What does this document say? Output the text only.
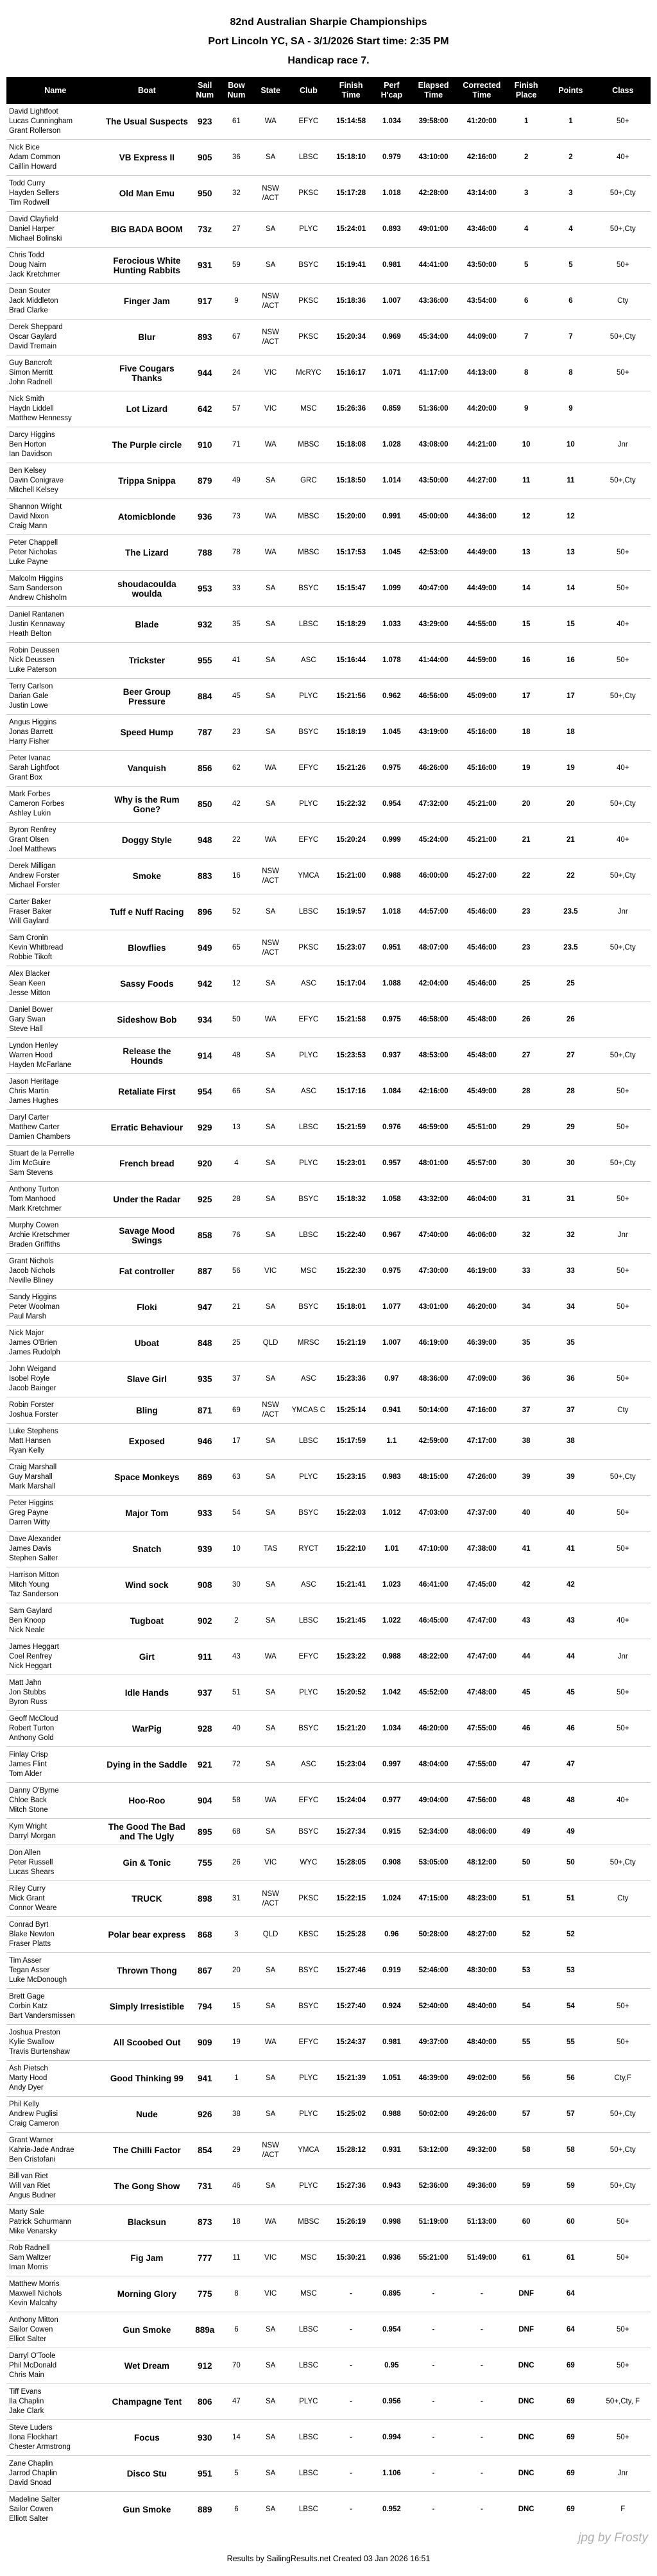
82nd Australian Sharpie Championships
Port Lincoln YC, SA - 3/1/2026 Start time: 2:35 PM
Handicap race 7.
Name	Boat	Sail Num	Bow Num	State	Club	Finish Time	Perf H'cap	Elapsed Time	Corrected Time	Finish Place	Points	Class

David Lightfoot
Lucas Cunningham
Grant Rollerson	The Usual Suspects	923	61	WA	EFYC	15:14:58	1.034	39:58:00	41:20:00	1	1	50+

Nick Bice
Adam Common
Caillin Howard	VB Express II	905	36	SA	LBSC	15:18:10	0.979	43:10:00	42:16:00	2	2	40+

Todd Curry
Hayden Sellers
Tim Rodwell	Old Man Emu	950	32	NSW /ACT	PKSC	15:17:28	1.018	42:28:00	43:14:00	3	3	50+,Cty

David Clayfield
Daniel Harper
Michael Bolinski	BIG BADA BOOM	73z	27	SA	PLYC	15:24:01	0.893	49:01:00	43:46:00	4	4	50+,Cty

Chris Todd
Doug Nairn
Jack Kretchmer	Ferocious White Hunting Rabbits	931	59	SA	BSYC	15:19:41	0.981	44:41:00	43:50:00	5	5	50+

Dean Souter
Jack Middleton
Brad Clarke	Finger Jam	917	9	NSW /ACT	PKSC	15:18:36	1.007	43:36:00	43:54:00	6	6	Cty

Derek Sheppard
Oscar Gaylard
David Tremain	Blur	893	67	NSW /ACT	PKSC	15:20:34	0.969	45:34:00	44:09:00	7	7	50+,Cty

Guy Bancroft
Simon Merritt
John Radnell	Five Cougars Thanks	944	24	VIC	McRYC	15:16:17	1.071	41:17:00	44:13:00	8	8	50+

Nick Smith
Haydn Liddell
Matthew Hennessy	Lot Lizard	642	57	VIC	MSC	15:26:36	0.859	51:36:00	44:20:00	9	9	

Darcy Higgins
Ben Horton
Ian Davidson	The Purple circle	910	71	WA	MBSC	15:18:08	1.028	43:08:00	44:21:00	10	10	Jnr

Ben Kelsey
Davin Conigrave
Mitchell Kelsey	Trippa Snippa	879	49	SA	GRC	15:18:50	1.014	43:50:00	44:27:00	11	11	50+,Cty

Shannon Wright
David Nixon
Craig Mann	Atomicblonde	936	73	WA	MBSC	15:20:00	0.991	45:00:00	44:36:00	12	12	

Peter Chappell
Peter Nicholas
Luke Payne	The Lizard	788	78	WA	MBSC	15:17:53	1.045	42:53:00	44:49:00	13	13	50+

Malcolm Higgins
Sam Sanderson
Andrew Chisholm	shoudacoulda woulda	953	33	SA	BSYC	15:15:47	1.099	40:47:00	44:49:00	14	14	50+

Daniel Rantanen
Justin Kennaway
Heath Belton	Blade	932	35	SA	LBSC	15:18:29	1.033	43:29:00	44:55:00	15	15	40+

Robin Deussen
Nick Deussen
Luke Paterson	Trickster	955	41	SA	ASC	15:16:44	1.078	41:44:00	44:59:00	16	16	50+

Terry Carlson
Darian Gale
Justin Lowe	Beer Group Pressure	884	45	SA	PLYC	15:21:56	0.962	46:56:00	45:09:00	17	17	50+,Cty

Angus Higgins
Jonas Barrett
Harry Fisher	Speed Hump	787	23	SA	BSYC	15:18:19	1.045	43:19:00	45:16:00	18	18	

Peter Ivanac
Sarah Lightfoot
Grant Box	Vanquish	856	62	WA	EFYC	15:21:26	0.975	46:26:00	45:16:00	19	19	40+

Mark Forbes
Cameron Forbes
Ashley Lukin	Why is the Rum Gone?	850	42	SA	PLYC	15:22:32	0.954	47:32:00	45:21:00	20	20	50+,Cty

Byron Renfrey
Grant Olsen
Joel Matthews	Doggy Style	948	22	WA	EFYC	15:20:24	0.999	45:24:00	45:21:00	21	21	40+

Derek Milligan
Andrew Forster
Michael Forster	Smoke	883	16	NSW /ACT	YMCA	15:21:00	0.988	46:00:00	45:27:00	22	22	50+,Cty

Carter Baker
Fraser Baker
Will Gaylard	Tuff e Nuff Racing	896	52	SA	LBSC	15:19:57	1.018	44:57:00	45:46:00	23	23.5	Jnr

Sam Cronin
Kevin Whitbread
Robbie Tikoft	Blowflies	949	65	NSW /ACT	PKSC	15:23:07	0.951	48:07:00	45:46:00	23	23.5	50+,Cty

Alex Blacker
Sean Keen
Jesse Mitton	Sassy Foods	942	12	SA	ASC	15:17:04	1.088	42:04:00	45:46:00	25	25	

Daniel Bower
Gary Swan
Steve Hall	Sideshow Bob	934	50	WA	EFYC	15:21:58	0.975	46:58:00	45:48:00	26	26	

Lyndon Henley
Warren Hood
Hayden McFarlane	Release the Hounds	914	48	SA	PLYC	15:23:53	0.937	48:53:00	45:48:00	27	27	50+,Cty

Jason Heritage
Chris Martin
James Hughes	Retaliate First	954	66	SA	ASC	15:17:16	1.084	42:16:00	45:49:00	28	28	50+

Daryl Carter
Matthew Carter
Damien Chambers	Erratic Behaviour	929	13	SA	LBSC	15:21:59	0.976	46:59:00	45:51:00	29	29	50+

Stuart de la Perrelle
Jim McGuire
Sam Stevens	French bread	920	4	SA	PLYC	15:23:01	0.957	48:01:00	45:57:00	30	30	50+,Cty

Anthony Turton
Tom Manhood
Mark Kretchmer	Under the Radar	925	28	SA	BSYC	15:18:32	1.058	43:32:00	46:04:00	31	31	50+

Murphy Cowen
Archie Kretschmer
Braden Griffiths	Savage Mood Swings	858	76	SA	LBSC	15:22:40	0.967	47:40:00	46:06:00	32	32	Jnr

Grant Nichols
Jacob Nichols
Neville Bliney	Fat controller	887	56	VIC	MSC	15:22:30	0.975	47:30:00	46:19:00	33	33	50+

Sandy Higgins
Peter Woolman
Paul Marsh	Floki	947	21	SA	BSYC	15:18:01	1.077	43:01:00	46:20:00	34	34	50+

Nick Major
James O'Brien
James Rudolph	Uboat	848	25	QLD	MRSC	15:21:19	1.007	46:19:00	46:39:00	35	35	

John Weigand
Isobel Royle
Jacob Bainger	Slave Girl	935	37	SA	ASC	15:23:36	0.97	48:36:00	47:09:00	36	36	50+

Robin Forster
Joshua Forster	Bling	871	69	NSW /ACT	YMCAS C	15:25:14	0.941	50:14:00	47:16:00	37	37	Cty

Luke Stephens
Matt Hansen
Ryan Kelly	Exposed	946	17	SA	LBSC	15:17:59	1.1	42:59:00	47:17:00	38	38	

Craig Marshall
Guy Marshall
Mark Marshall	Space Monkeys	869	63	SA	PLYC	15:23:15	0.983	48:15:00	47:26:00	39	39	50+,Cty

Peter Higgins
Greg Payne
Darren Witty	Major Tom	933	54	SA	BSYC	15:22:03	1.012	47:03:00	47:37:00	40	40	50+

Dave Alexander
James Davis
Stephen Salter	Snatch	939	10	TAS	RYCT	15:22:10	1.01	47:10:00	47:38:00	41	41	50+

Harrison Mitton
Mitch Young
Taz Sanderson	Wind sock	908	30	SA	ASC	15:21:41	1.023	46:41:00	47:45:00	42	42	

Sam Gaylard
Ben Knoop
Nick Neale	Tugboat	902	2	SA	LBSC	15:21:45	1.022	46:45:00	47:47:00	43	43	40+

James Heggart
Coel Renfrey
Nick Heggart	Girt	911	43	WA	EFYC	15:23:22	0.988	48:22:00	47:47:00	44	44	Jnr

Matt Jahn
Jon Stubbs
Byron Russ	Idle Hands	937	51	SA	PLYC	15:20:52	1.042	45:52:00	47:48:00	45	45	50+

Geoff McCloud
Robert Turton
Anthony Gold	WarPig	928	40	SA	BSYC	15:21:20	1.034	46:20:00	47:55:00	46	46	50+

Finlay Crisp
James Flint
Tom Alder	Dying in the Saddle	921	72	SA	ASC	15:23:04	0.997	48:04:00	47:55:00	47	47	

Danny O'Byrne
Chloe Back
Mitch Stone	Hoo-Roo	904	58	WA	EFYC	15:24:04	0.977	49:04:00	47:56:00	48	48	40+

Kym Wright
Darryl Morgan	The Good The Bad and The Ugly	895	68	SA	BSYC	15:27:34	0.915	52:34:00	48:06:00	49	49	

Don Allen
Peter Russell
Lucas Shears	Gin & Tonic	755	26	VIC	WYC	15:28:05	0.908	53:05:00	48:12:00	50	50	50+,Cty

Riley Curry
Mick Grant
Connor Weare	TRUCK	898	31	NSW /ACT	PKSC	15:22:15	1.024	47:15:00	48:23:00	51	51	Cty

Conrad Byrt
Blake Newton
Fraser Platts	Polar bear express	868	3	QLD	KBSC	15:25:28	0.96	50:28:00	48:27:00	52	52	

Tim Asser
Tegan Asser
Luke McDonough	Thrown Thong	867	20	SA	BSYC	15:27:46	0.919	52:46:00	48:30:00	53	53	

Brett Gage
Corbin Katz
Bart Vandersmissen	Simply Irresistible	794	15	SA	BSYC	15:27:40	0.924	52:40:00	48:40:00	54	54	50+

Joshua Preston
Kylie Swallow
Travis Burtenshaw	All Scoobed Out	909	19	WA	EFYC	15:24:37	0.981	49:37:00	48:40:00	55	55	50+

Ash Pietsch
Marty Hood
Andy Dyer	Good Thinking 99	941	1	SA	PLYC	15:21:39	1.051	46:39:00	49:02:00	56	56	Cty,F

Phil Kelly
Andrew Puglisi
Craig Cameron	Nude	926	38	SA	PLYC	15:25:02	0.988	50:02:00	49:26:00	57	57	50+,Cty

Grant Warner
Kahria-Jade Andrae
Ben Cristofani	The Chilli Factor	854	29	NSW /ACT	YMCA	15:28:12	0.931	53:12:00	49:32:00	58	58	50+,Cty

Bill van Riet
Will van Riet
Angus Budner	The Gong Show	731	46	SA	PLYC	15:27:36	0.943	52:36:00	49:36:00	59	59	50+,Cty

Marty Sale
Patrick Schurmann
Mike Venarsky	Blacksun	873	18	WA	MBSC	15:26:19	0.998	51:19:00	51:13:00	60	60	50+

Rob Radnell
Sam Waltzer
Iman Morris	Fig Jam	777	11	VIC	MSC	15:30:21	0.936	55:21:00	51:49:00	61	61	50+

Matthew Morris
Maxwell Nichols
Kevin Malcahy	Morning Glory	775	8	VIC	MSC	-	0.895	-	-	DNF	64	

Anthony Mitton
Sailor Cowen
Elliot Salter	Gun Smoke	889a	6	SA	LBSC	-	0.954	-	-	DNF	64	50+

Darryl O'Toole
Phil McDonald
Chris Main	Wet Dream	912	70	SA	LBSC	-	0.95	-	-	DNC	69	50+

Tiff Evans
Ila Chaplin
Jake Clark	Champagne Tent	806	47	SA	PLYC	-	0.956	-	-	DNC	69	50+,Cty, F

Steve Luders
Ilona Flockhart
Chester Armstrong	Focus	930	14	SA	LBSC	-	0.994	-	-	DNC	69	50+

Zane Chaplin
Jarrod Chaplin
David Snoad	Disco Stu	951	5	SA	LBSC	-	1.106	-	-	DNC	69	Jnr

Madeline Salter
Sailor Cowen
Elliott Salter	Gun Smoke	889	6	SA	LBSC	-	0.952	-	-	DNC	69	F
jpg by Frosty
Results by SailingResults.net Created 03 Jan 2026 16:51
